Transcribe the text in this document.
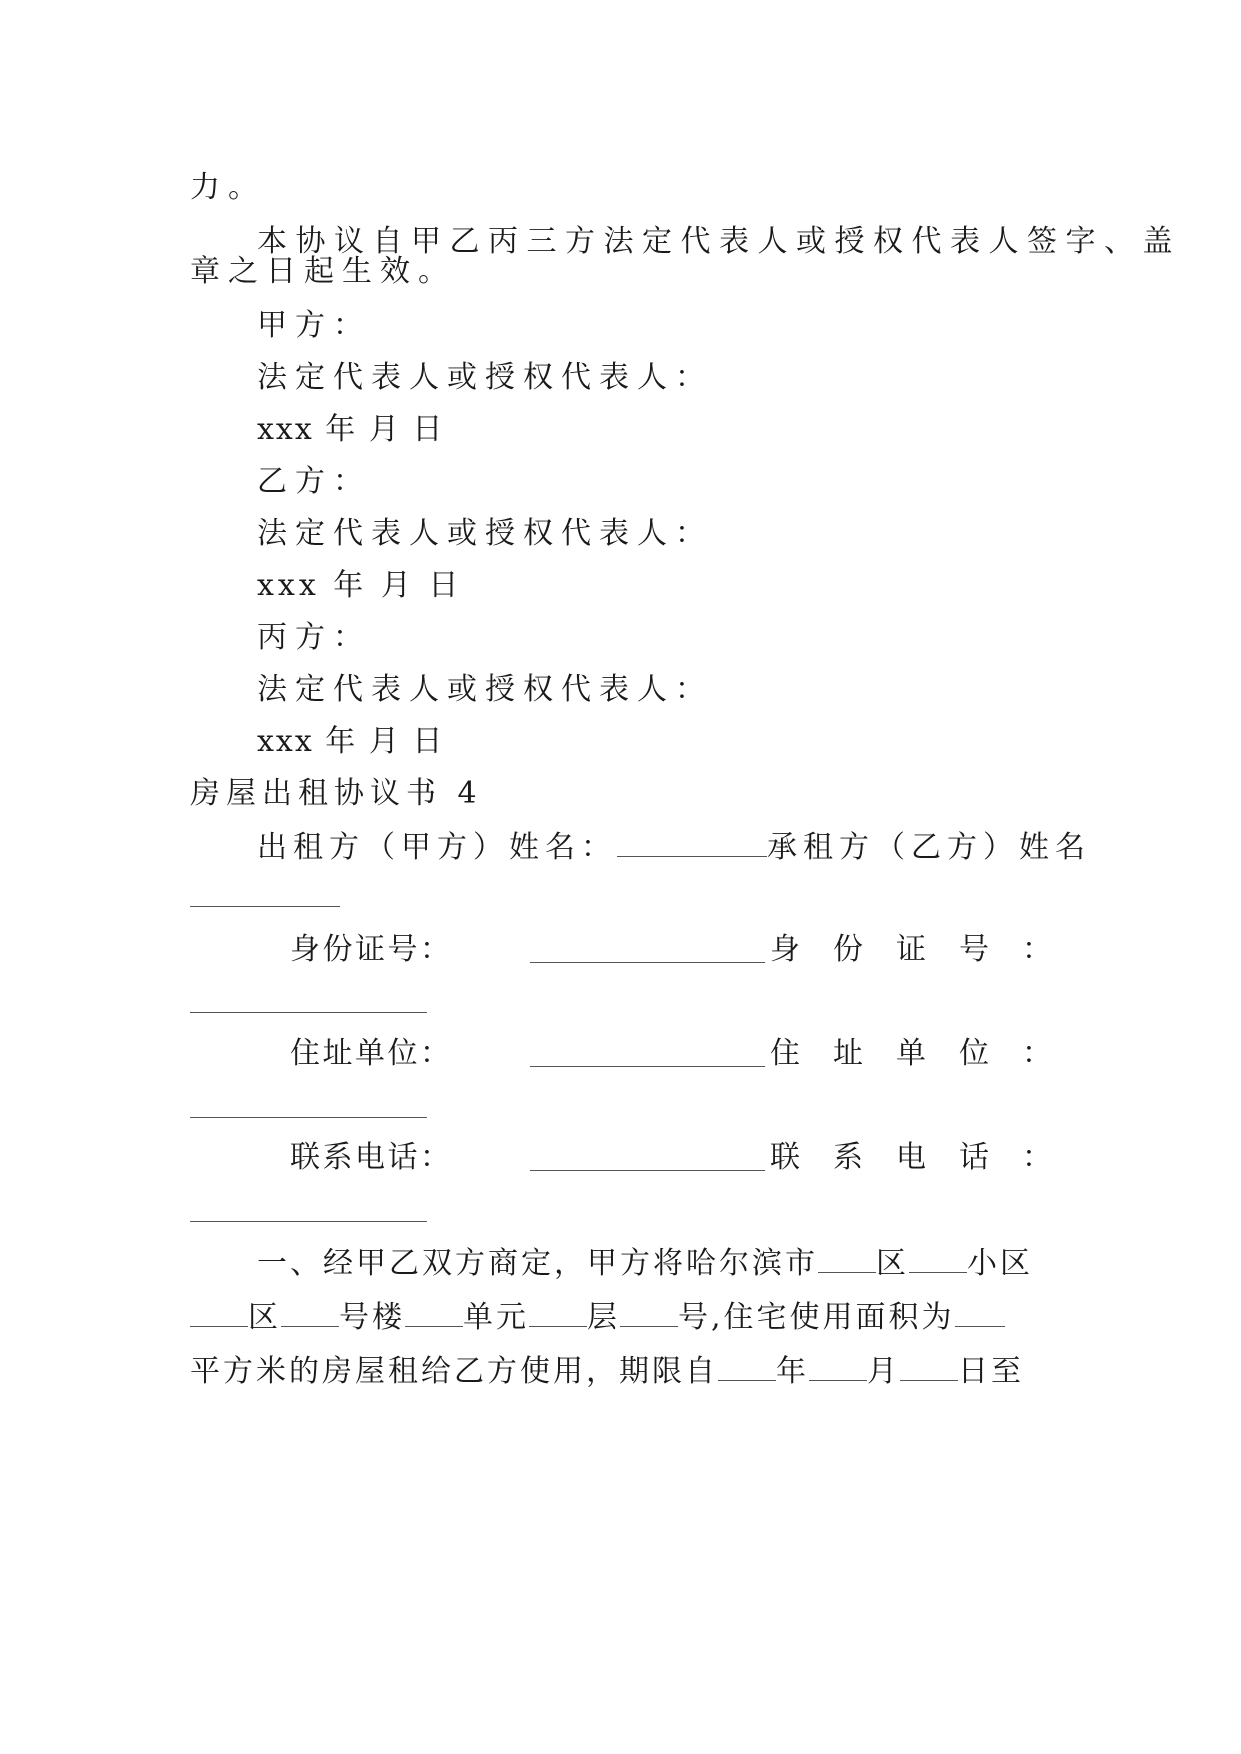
力。
本协议自甲乙丙三方法定代表人或授权代表人签字、盖
章之日起生效。
甲方：
法定代表人或授权代表人：
xxx 年 月 日
乙方：
法定代表人或授权代表人：
xxx 年 月 日
丙方：
法定代表人或授权代表人：
xxx 年 月 日
房屋出租协议书 4
出租方（甲方）姓名：	承租方（乙方）姓名
身 份 证 号 ：	身 份 证 号 ：
住 址 单 位 ：	住 址 单 位 ：
联 系 电 话 ：	联 系 电 话 ：
一、经甲乙双方商定，甲方将哈尔滨市 区 小区
区 号楼 单元 层 号,住宅使用面积为
平方米的房屋租给乙方使用，期限自 年 月 日至
